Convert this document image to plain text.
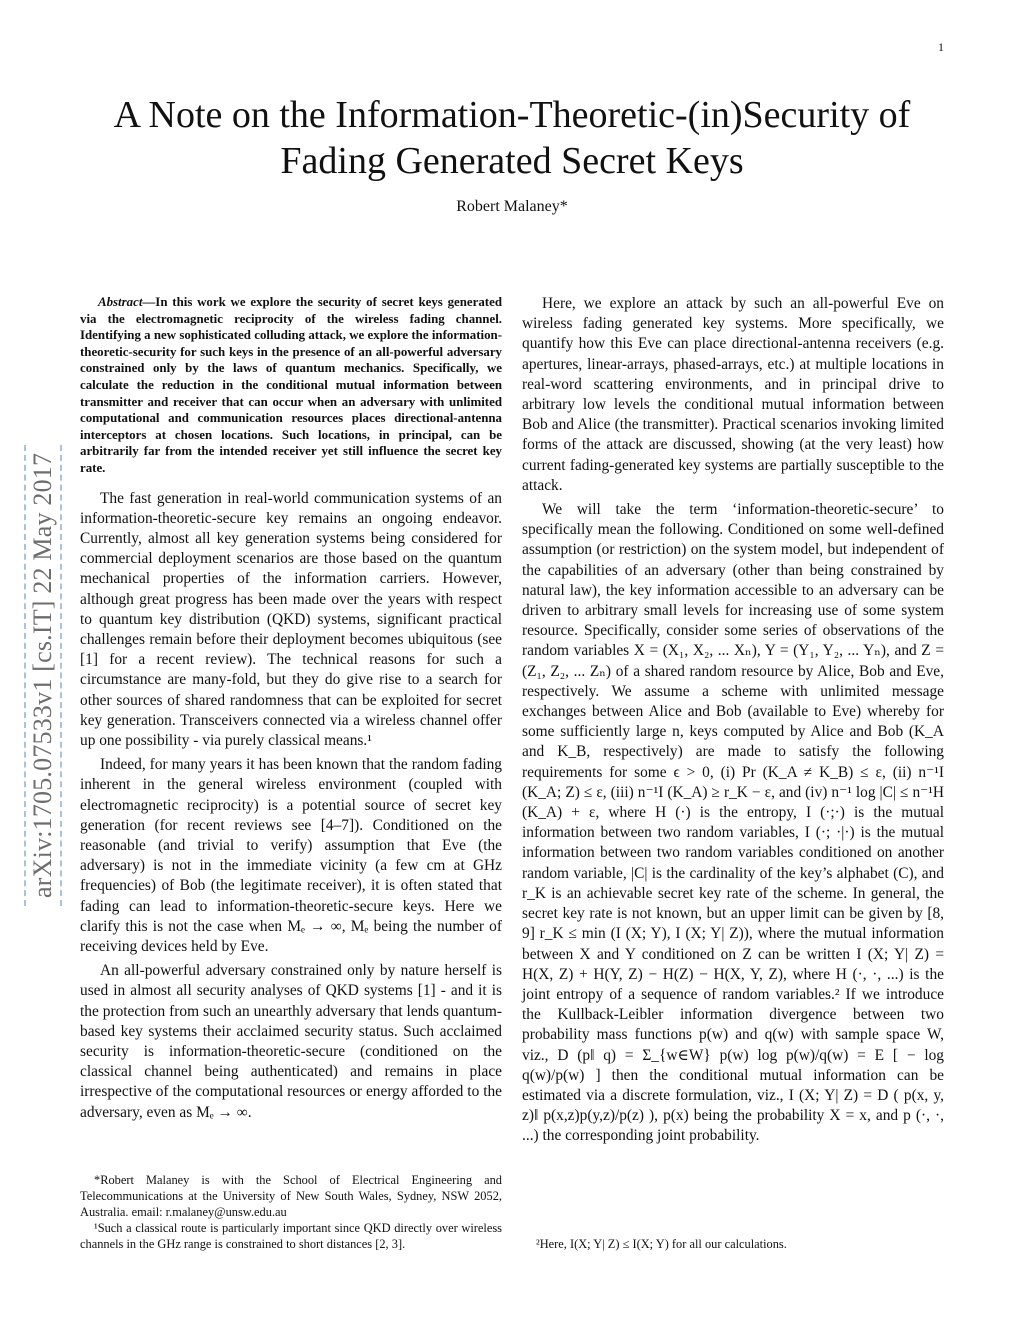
1
A Note on the Information-Theoretic-(in)Security of
Fading Generated Secret Keys
Robert Malaney*
arXiv:1705.07533v1 [cs.IT] 22 May 2017
Abstract—In this work we explore the security of secret keys generated via the electromagnetic reciprocity of the wireless fading channel. Identifying a new sophisticated colluding attack, we explore the information-theoretic-security for such keys in the presence of an all-powerful adversary constrained only by the laws of quantum mechanics. Specifically, we calculate the reduction in the conditional mutual information between transmitter and receiver that can occur when an adversary with unlimited computational and communication resources places directional-antenna interceptors at chosen locations. Such locations, in principal, can be arbitrarily far from the intended receiver yet still influence the secret key rate.

The fast generation in real-world communication systems of an information-theoretic-secure key remains an ongoing endeavor. Currently, almost all key generation systems being considered for commercial deployment scenarios are those based on the quantum mechanical properties of the information carriers. However, although great progress has been made over the years with respect to quantum key distribution (QKD) systems, significant practical challenges remain before their deployment becomes ubiquitous (see [1] for a recent review). The technical reasons for such a circumstance are many-fold, but they do give rise to a search for other sources of shared randomness that can be exploited for secret key generation. Transceivers connected via a wireless channel offer up one possibility - via purely classical means.¹

Indeed, for many years it has been known that the random fading inherent in the general wireless environment (coupled with electromagnetic reciprocity) is a potential source of secret key generation (for recent reviews see [4–7]). Conditioned on the reasonable (and trivial to verify) assumption that Eve (the adversary) is not in the immediate vicinity (a few cm at GHz frequencies) of Bob (the legitimate receiver), it is often stated that fading can lead to information-theoretic-secure keys. Here we clarify this is not the case when Mₑ → ∞, Mₑ being the number of receiving devices held by Eve.

An all-powerful adversary constrained only by nature herself is used in almost all security analyses of QKD systems [1] - and it is the protection from such an unearthly adversary that lends quantum-based key systems their acclaimed security status. Such acclaimed security is information-theoretic-secure (conditioned on the classical channel being authenticated) and remains in place irrespective of the computational resources or energy afforded to the adversary, even as Mₑ → ∞.

*Robert Malaney is with the School of Electrical Engineering and Telecommunications at the University of New South Wales, Sydney, NSW 2052, Australia. email: r.malaney@unsw.edu.au

¹Such a classical route is particularly important since QKD directly over wireless channels in the GHz range is constrained to short distances [2, 3].

Here, we explore an attack by such an all-powerful Eve on wireless fading generated key systems. More specifically, we quantify how this Eve can place directional-antenna receivers (e.g. apertures, linear-arrays, phased-arrays, etc.) at multiple locations in real-word scattering environments, and in principal drive to arbitrary low levels the conditional mutual information between Bob and Alice (the transmitter). Practical scenarios invoking limited forms of the attack are discussed, showing (at the very least) how current fading-generated key systems are partially susceptible to the attack.

We will take the term ‘information-theoretic-secure’ to specifically mean the following. Conditioned on some well-defined assumption (or restriction) on the system model, but independent of the capabilities of an adversary (other than being constrained by natural law), the key information accessible to an adversary can be driven to arbitrary small levels for increasing use of some system resource. Specifically, consider some series of observations of the random variables X = (X₁, X₂, ... Xₙ), Y = (Y₁, Y₂, ... Yₙ), and Z = (Z₁, Z₂, ... Zₙ) of a shared random resource by Alice, Bob and Eve, respectively. We assume a scheme with unlimited message exchanges between Alice and Bob (available to Eve) whereby for some sufficiently large n, keys computed by Alice and Bob (K_A and K_B, respectively) are made to satisfy the following requirements for some ϵ > 0, (i) Pr (K_A ≠ K_B) ≤ ε, (ii) n⁻¹I (K_A; Z) ≤ ε, (iii) n⁻¹I (K_A) ≥ r_K − ε, and (iv) n⁻¹ log |C| ≤ n⁻¹H (K_A) + ε, where H (·) is the entropy, I (·;·) is the mutual information between two random variables, I (·; ·|·) is the mutual information between two random variables conditioned on another random variable, |C| is the cardinality of the key’s alphabet (C), and r_K is an achievable secret key rate of the scheme. In general, the secret key rate is not known, but an upper limit can be given by [8, 9] r_K ≤ min (I (X; Y), I (X; Y| Z)), where the mutual information between X and Y conditioned on Z can be written I (X; Y| Z) = H(X, Z) + H(Y, Z) − H(Z) − H(X, Y, Z), where H (·, ·, ...) is the joint entropy of a sequence of random variables.² If we introduce the Kullback-Leibler information divergence between two probability mass functions p(w) and q(w) with sample space W, viz., D (p‖ q) = Σ_{w∈W} p(w) log p(w)/q(w) = E [ − log q(w)/p(w) ] then the conditional mutual information can be estimated via a discrete formulation, viz., I (X; Y| Z) = D ( p(x, y, z)‖ p(x,z)p(y,z)/p(z) ), p(x) being the probability X = x, and p (·, ·, ...) the corresponding joint probability.

²Here, I(X; Y| Z) ≤ I(X; Y) for all our calculations.
